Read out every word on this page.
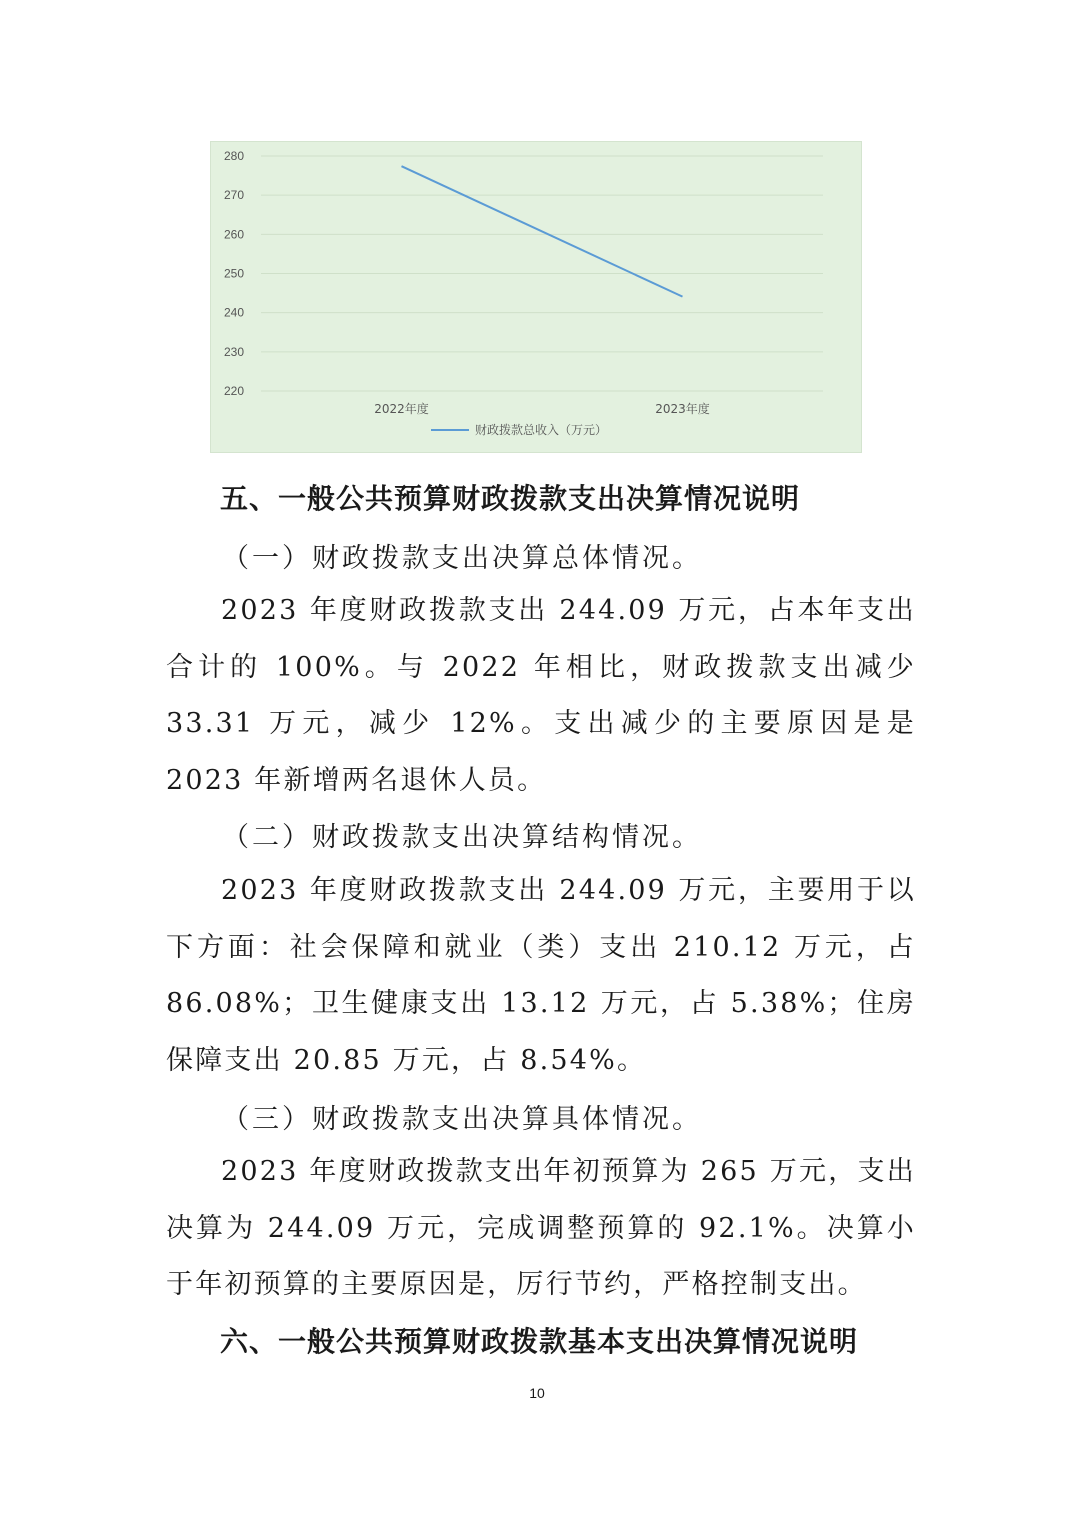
220
230
240
250
260
270
280
2022年度	2023年度
财政拨款总收入（万元）
五、一般公共预算财政拨款支出决算情况说明
（一）财政拨款支出决算总体情况。

2023 年度财政拨款支出 244.09 万元，占本年支出合计的 100%。与 2022 年相比，财政拨款支出减少 33.31 万元，减少 12%。支出减少的主要原因是是 2023 年新增两名退休人员。

（二）财政拨款支出决算结构情况。

2023 年度财政拨款支出 244.09 万元，主要用于以下方面：社会保障和就业（类）支出 210.12 万元，占 86.08%；卫生健康支出 13.12 万元，占 5.38%；住房保障支出 20.85 万元，占 8.54%。

（三）财政拨款支出决算具体情况。

2023 年度财政拨款支出年初预算为 265 万元，支出决算为 244.09 万元，完成调整预算的 92.1%。决算小于年初预算的主要原因是，厉行节约，严格控制支出。

六、一般公共预算财政拨款基本支出决算情况说明
10
